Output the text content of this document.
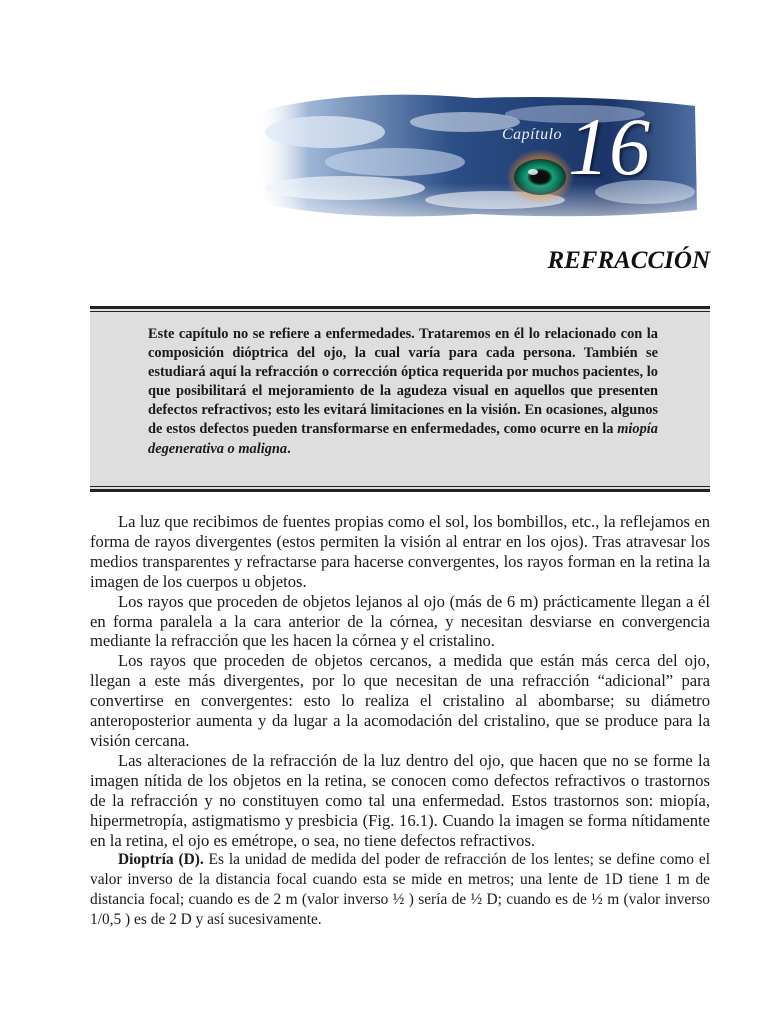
Capítulo 16
REFRACCIÓN

Este capítulo no se refiere a enfermedades. Trataremos en él lo relacionado con la composición dióptrica del ojo, la cual varía para cada persona. También se estudiará aquí la refracción o corrección óptica requerida por muchos pacientes, lo que posibilitará el mejoramiento de la agudeza visual en aquellos que presenten defectos refractivos; esto les evitará limitaciones en la visión. En ocasiones, algunos de estos defectos pueden transformarse en enfermedades, como ocurre en la miopía degenerativa o maligna.

La luz que recibimos de fuentes propias como el sol, los bombillos, etc., la reflejamos en forma de rayos divergentes (estos permiten la visión al entrar en los ojos). Tras atravesar los medios transparentes y refractarse para hacerse convergentes, los rayos forman en la retina la imagen de los cuerpos u objetos.

Los rayos que proceden de objetos lejanos al ojo (más de 6 m) prácticamente llegan a él en forma paralela a la cara anterior de la córnea, y necesitan desviarse en convergencia mediante la refracción que les hacen la córnea y el cristalino.

Los rayos que proceden de objetos cercanos, a medida que están más cerca del ojo, llegan a este más divergentes, por lo que necesitan de una refracción “adicional” para convertirse en convergentes: esto lo realiza el cristalino al abombarse; su diámetro anteroposterior aumenta y da lugar a la acomodación del cristalino, que se produce para la visión cercana.

Las alteraciones de la refracción de la luz dentro del ojo, que hacen que no se forme la imagen nítida de los objetos en la retina, se conocen como defectos refractivos o trastornos de la refracción y no constituyen como tal una enfermedad. Estos trastornos son: miopía, hipermetropía, astigmatismo y presbicia (Fig. 16.1). Cuando la imagen se forma nítidamente en la retina, el ojo es emétrope, o sea, no tiene defectos refractivos.

Dioptría (D). Es la unidad de medida del poder de refracción de los lentes; se define como el valor inverso de la distancia focal cuando esta se mide en metros; una lente de 1D tiene 1 m de distancia focal; cuando es de 2 m (valor inverso ½ ) sería de ½ D; cuando es de ½ m (valor inverso 1/0,5 ) es de 2 D y así sucesivamente.
